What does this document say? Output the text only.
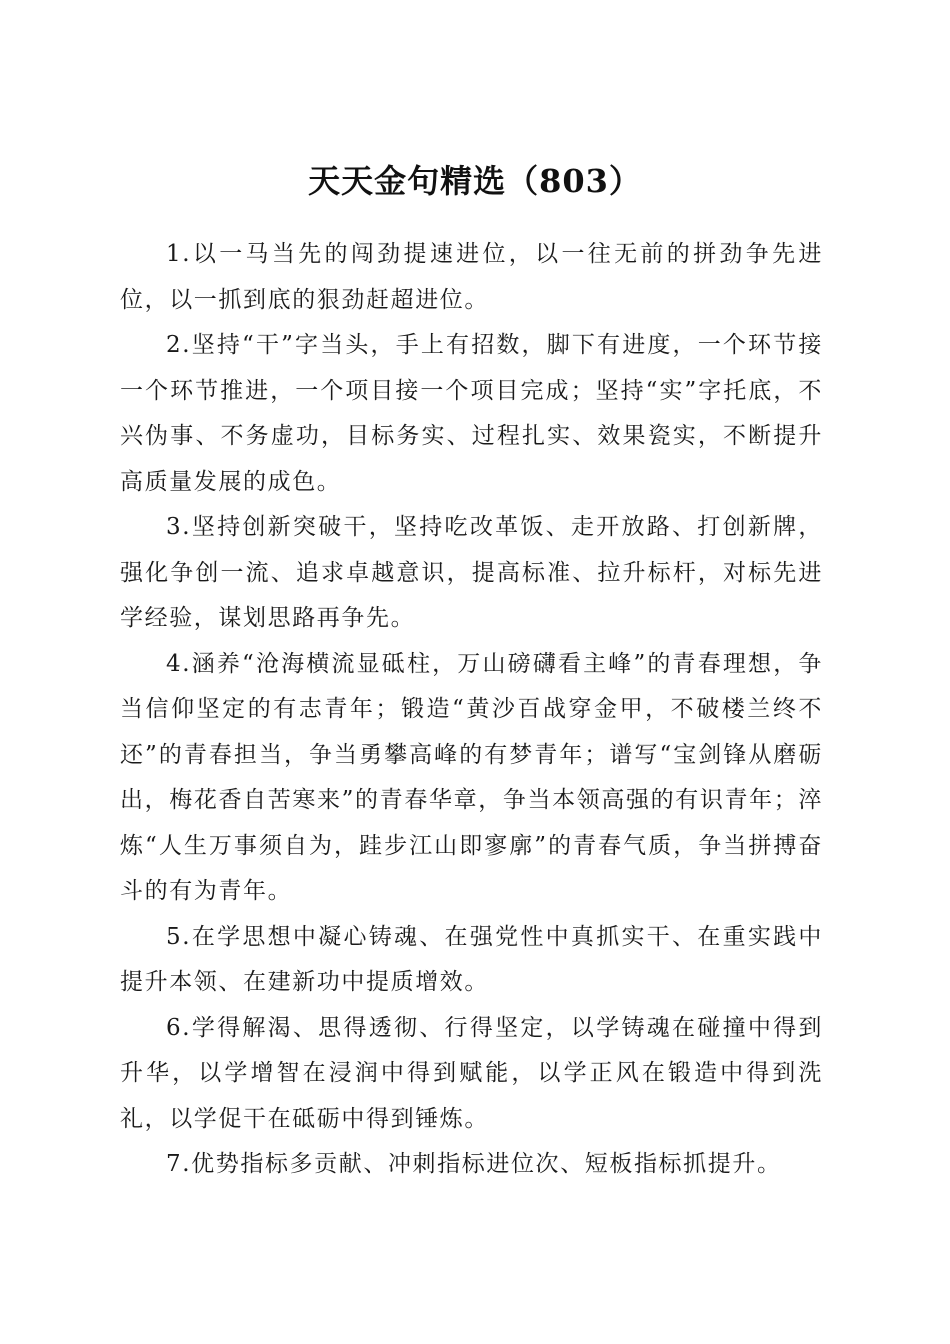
天天金句精选（803）

1.以一马当先的闯劲提速进位，以一往无前的拼劲争先进位，以一抓到底的狠劲赶超进位。

2.坚持“干”字当头，手上有招数，脚下有进度，一个环节接一个环节推进，一个项目接一个项目完成；坚持“实”字托底，不兴伪事、不务虚功，目标务实、过程扎实、效果瓷实，不断提升高质量发展的成色。

3.坚持创新突破干，坚持吃改革饭、走开放路、打创新牌，强化争创一流、追求卓越意识，提高标准、拉升标杆，对标先进学经验，谋划思路再争先。

4.涵养“沧海横流显砥柱，万山磅礴看主峰”的青春理想，争当信仰坚定的有志青年；锻造“黄沙百战穿金甲，不破楼兰终不还”的青春担当，争当勇攀高峰的有梦青年；谱写“宝剑锋从磨砺出，梅花香自苦寒来”的青春华章，争当本领高强的有识青年；淬炼“人生万事须自为，跬步江山即寥廓”的青春气质，争当拼搏奋斗的有为青年。

5.在学思想中凝心铸魂、在强党性中真抓实干、在重实践中提升本领、在建新功中提质增效。

6.学得解渴、思得透彻、行得坚定，以学铸魂在碰撞中得到升华，以学增智在浸润中得到赋能，以学正风在锻造中得到洗礼，以学促干在砥砺中得到锤炼。

7.优势指标多贡献、冲刺指标进位次、短板指标抓提升。
